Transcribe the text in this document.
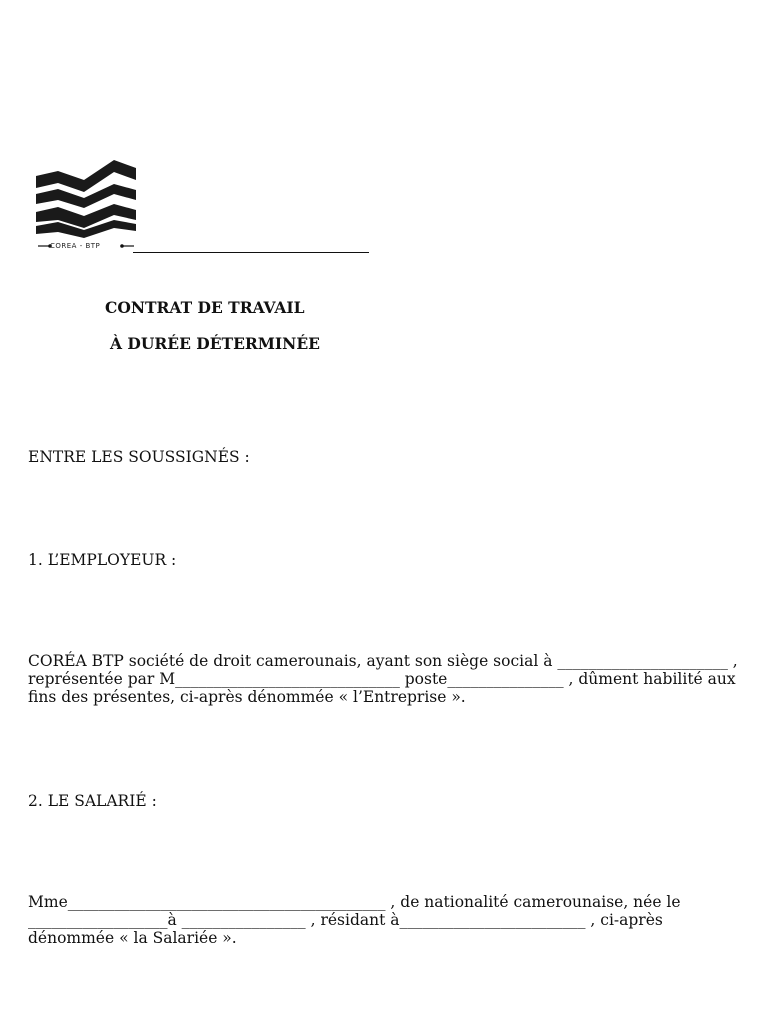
COREA - BTP
CONTRAT DE TRAVAIL
À DURÉE DÉTERMINÉE
ENTRE LES SOUSSIGNÉS :
1. L’EMPLOYEUR :
CORÉA BTP société de droit camerounais, ayant son siège social à ______________________ , représentée par M_____________________________ poste_______________ , dûment habilité aux fins des présentes, ci-après dénommée « l’Entreprise ».
2. LE SALARIÉ :
Mme_________________________________________ , de nationalité camerounaise, née le __________________à ________________ , résidant à________________________ , ci-après dénommée « la Salariée ».
